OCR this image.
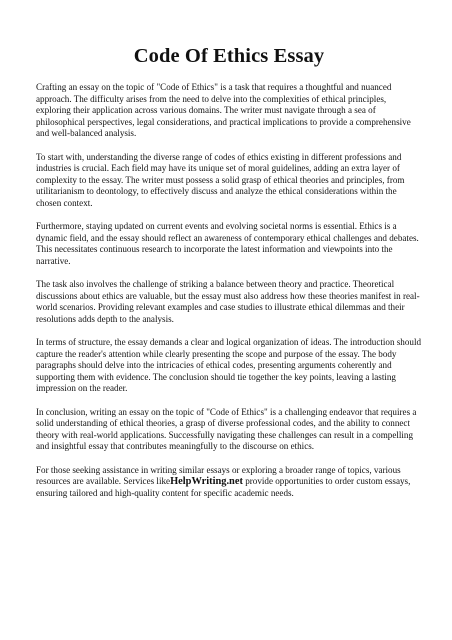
Code Of Ethics Essay

Crafting an essay on the topic of "Code of Ethics" is a task that requires a thoughtful and nuanced approach. The difficulty arises from the need to delve into the complexities of ethical principles, exploring their application across various domains. The writer must navigate through a sea of philosophical perspectives, legal considerations, and practical implications to provide a comprehensive and well-balanced analysis.

To start with, understanding the diverse range of codes of ethics existing in different professions and industries is crucial. Each field may have its unique set of moral guidelines, adding an extra layer of complexity to the essay. The writer must possess a solid grasp of ethical theories and principles, from utilitarianism to deontology, to effectively discuss and analyze the ethical considerations within the chosen context.

Furthermore, staying updated on current events and evolving societal norms is essential. Ethics is a dynamic field, and the essay should reflect an awareness of contemporary ethical challenges and debates. This necessitates continuous research to incorporate the latest information and viewpoints into the narrative.

The task also involves the challenge of striking a balance between theory and practice. Theoretical discussions about ethics are valuable, but the essay must also address how these theories manifest in real-world scenarios. Providing relevant examples and case studies to illustrate ethical dilemmas and their resolutions adds depth to the analysis.

In terms of structure, the essay demands a clear and logical organization of ideas. The introduction should capture the reader's attention while clearly presenting the scope and purpose of the essay. The body paragraphs should delve into the intricacies of ethical codes, presenting arguments coherently and supporting them with evidence. The conclusion should tie together the key points, leaving a lasting impression on the reader.

In conclusion, writing an essay on the topic of "Code of Ethics" is a challenging endeavor that requires a solid understanding of ethical theories, a grasp of diverse professional codes, and the ability to connect theory with real-world applications. Successfully navigating these challenges can result in a compelling and insightful essay that contributes meaningfully to the discourse on ethics.

For those seeking assistance in writing similar essays or exploring a broader range of topics, various resources are available. Services likeHelpWriting.net provide opportunities to order custom essays, ensuring tailored and high-quality content for specific academic needs.
